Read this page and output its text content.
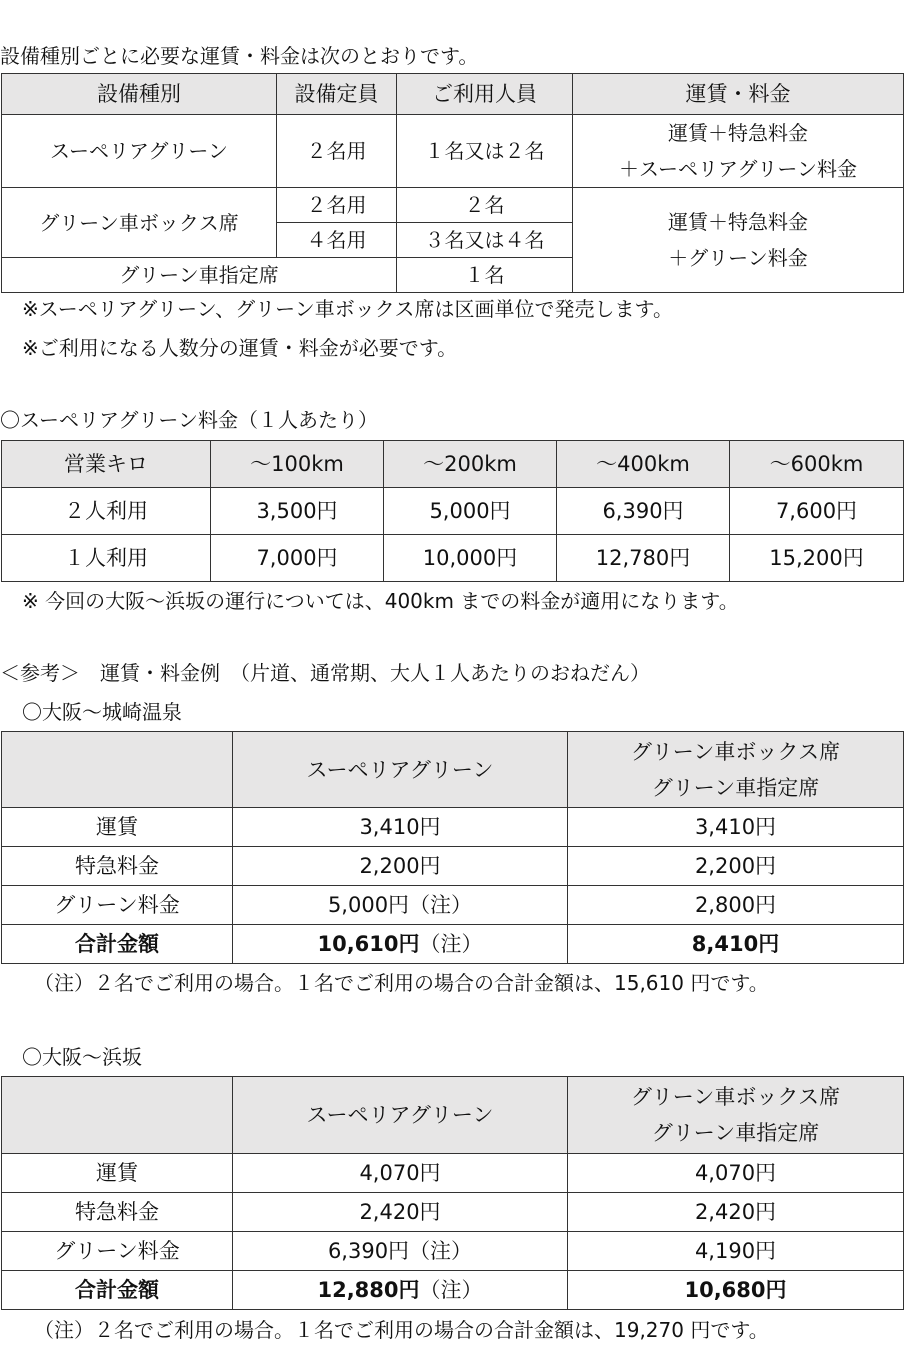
設備種別ごとに必要な運賃・料金は次のとおりです。
設備種別	設備定員	ご利用人員	運賃・料金
スーペリアグリーン	２名用	１名又は２名	運賃＋特急料金
＋スーペリアグリーン料金

グリーン車ボックス席	２名用	２名	運賃＋特急料金
＋グリーン料金

	４名用	３名又は４名	
グリーン車指定席		１名	
※スーペリアグリーン、グリーン車ボックス席は区画単位で発売します。
※ご利用になる人数分の運賃・料金が必要です。
〇スーペリアグリーン料金（１人あたり）
営業キロ	〜100km	〜200km	〜400km	〜600km
２人利用	3,500円	5,000円	6,390円	7,600円
１人利用	7,000円	10,000円	12,780円	15,200円
※ 今回の大阪〜浜坂の運行については、400km までの料金が適用になります。
＜参考＞　運賃・料金例　（片道、通常期、大人１人あたりのおねだん）
〇大阪〜城崎温泉
	スーペリアグリーン	グリーン車ボックス席
グリーン車指定席

運賃	3,410円	3,410円
特急料金	2,200円	2,200円
グリーン料金	5,000円（注）	2,800円
合計金額	10,610円（注）	8,410円
（注）２名でご利用の場合。１名でご利用の場合の合計金額は、15,610 円です。
〇大阪〜浜坂
	スーペリアグリーン	グリーン車ボックス席
グリーン車指定席

運賃	4,070円	4,070円
特急料金	2,420円	2,420円
グリーン料金	6,390円（注）	4,190円
合計金額	12,880円（注）	10,680円
（注）２名でご利用の場合。１名でご利用の場合の合計金額は、19,270 円です。
